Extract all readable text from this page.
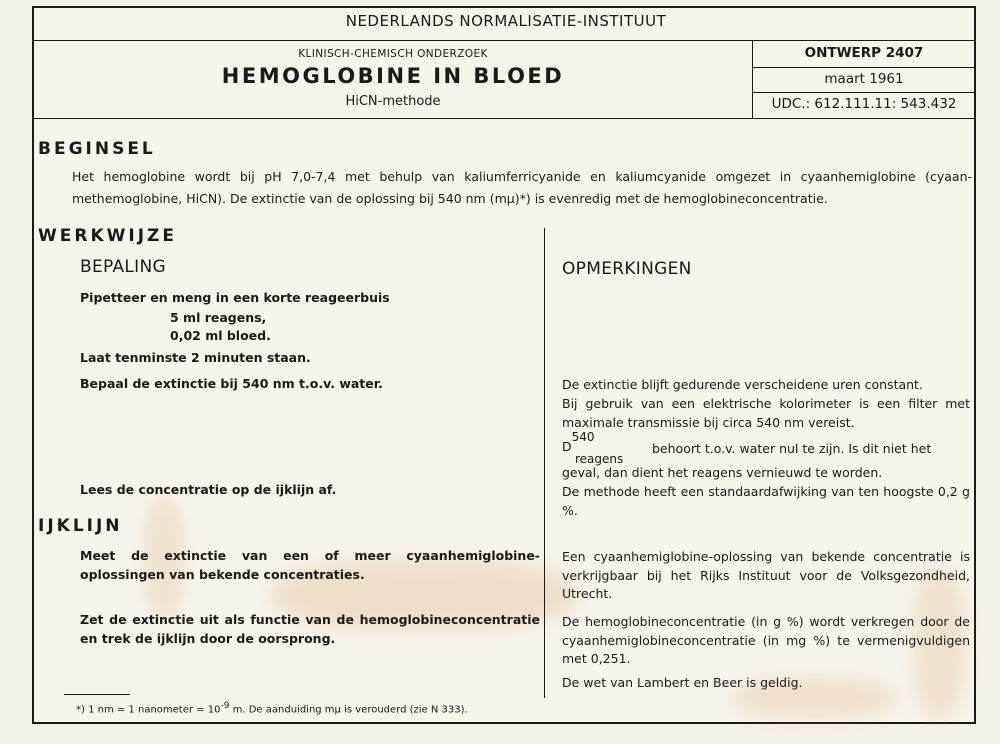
NEDERLANDS NORMALISATIE-INSTITUUT
KLINISCH-CHEMISCH ONDERZOEK
HEMOGLOBINE IN BLOED
HiCN-methode
ONTWERP 2407
maart 1961
UDC.: 612.111.11: 543.432
BEGINSEL
Het hemoglobine wordt bij pH 7,0-7,4 met behulp van kaliumferricyanide en kaliumcyanide omgezet in cyaanhemiglobine (cyaan-methemoglobine, HiCN). De extinctie van de oplossing bij 540 nm (mμ)*) is evenredig met de hemoglobineconcentratie.
WERKWIJZE
BEPALING
Pipetteer en meng in een korte reageerbuis
5 ml reagens,
0,02 ml bloed.
Laat tenminste 2 minuten staan.
Bepaal de extinctie bij 540 nm t.o.v. water.
Lees de concentratie op de ijklijn af.
IJKLIJN
Meet de extinctie van een of meer cyaanhemiglobine-oplossingen van bekende concentraties.
Zet de extinctie uit als functie van de hemoglobineconcentratie en trek de ijklijn door de oorsprong.
OPMERKINGEN
De extinctie blijft gedurende verscheidene uren constant.
Bij gebruik van een elektrische kolorimeter is een filter met maximale transmissie bij circa 540 nm vereist.
D540
reagens
behoort t.o.v. water nul te zijn. Is dit niet het
geval, dan dient het reagens vernieuwd te worden.
De methode heeft een standaardafwijking van ten hoogste 0,2 g %.
Een cyaanhemiglobine-oplossing van bekende concentratie is verkrijgbaar bij het Rijks Instituut voor de Volksgezondheid, Utrecht.
De hemoglobineconcentratie (in g %) wordt verkregen door de cyaanhemiglobineconcentratie (in mg %) te vermenigvuldigen met 0,251.
De wet van Lambert en Beer is geldig.
*) 1 nm = 1 nanometer = $10^{-9}$ m. De aanduiding mμ is verouderd (zie N 333).
